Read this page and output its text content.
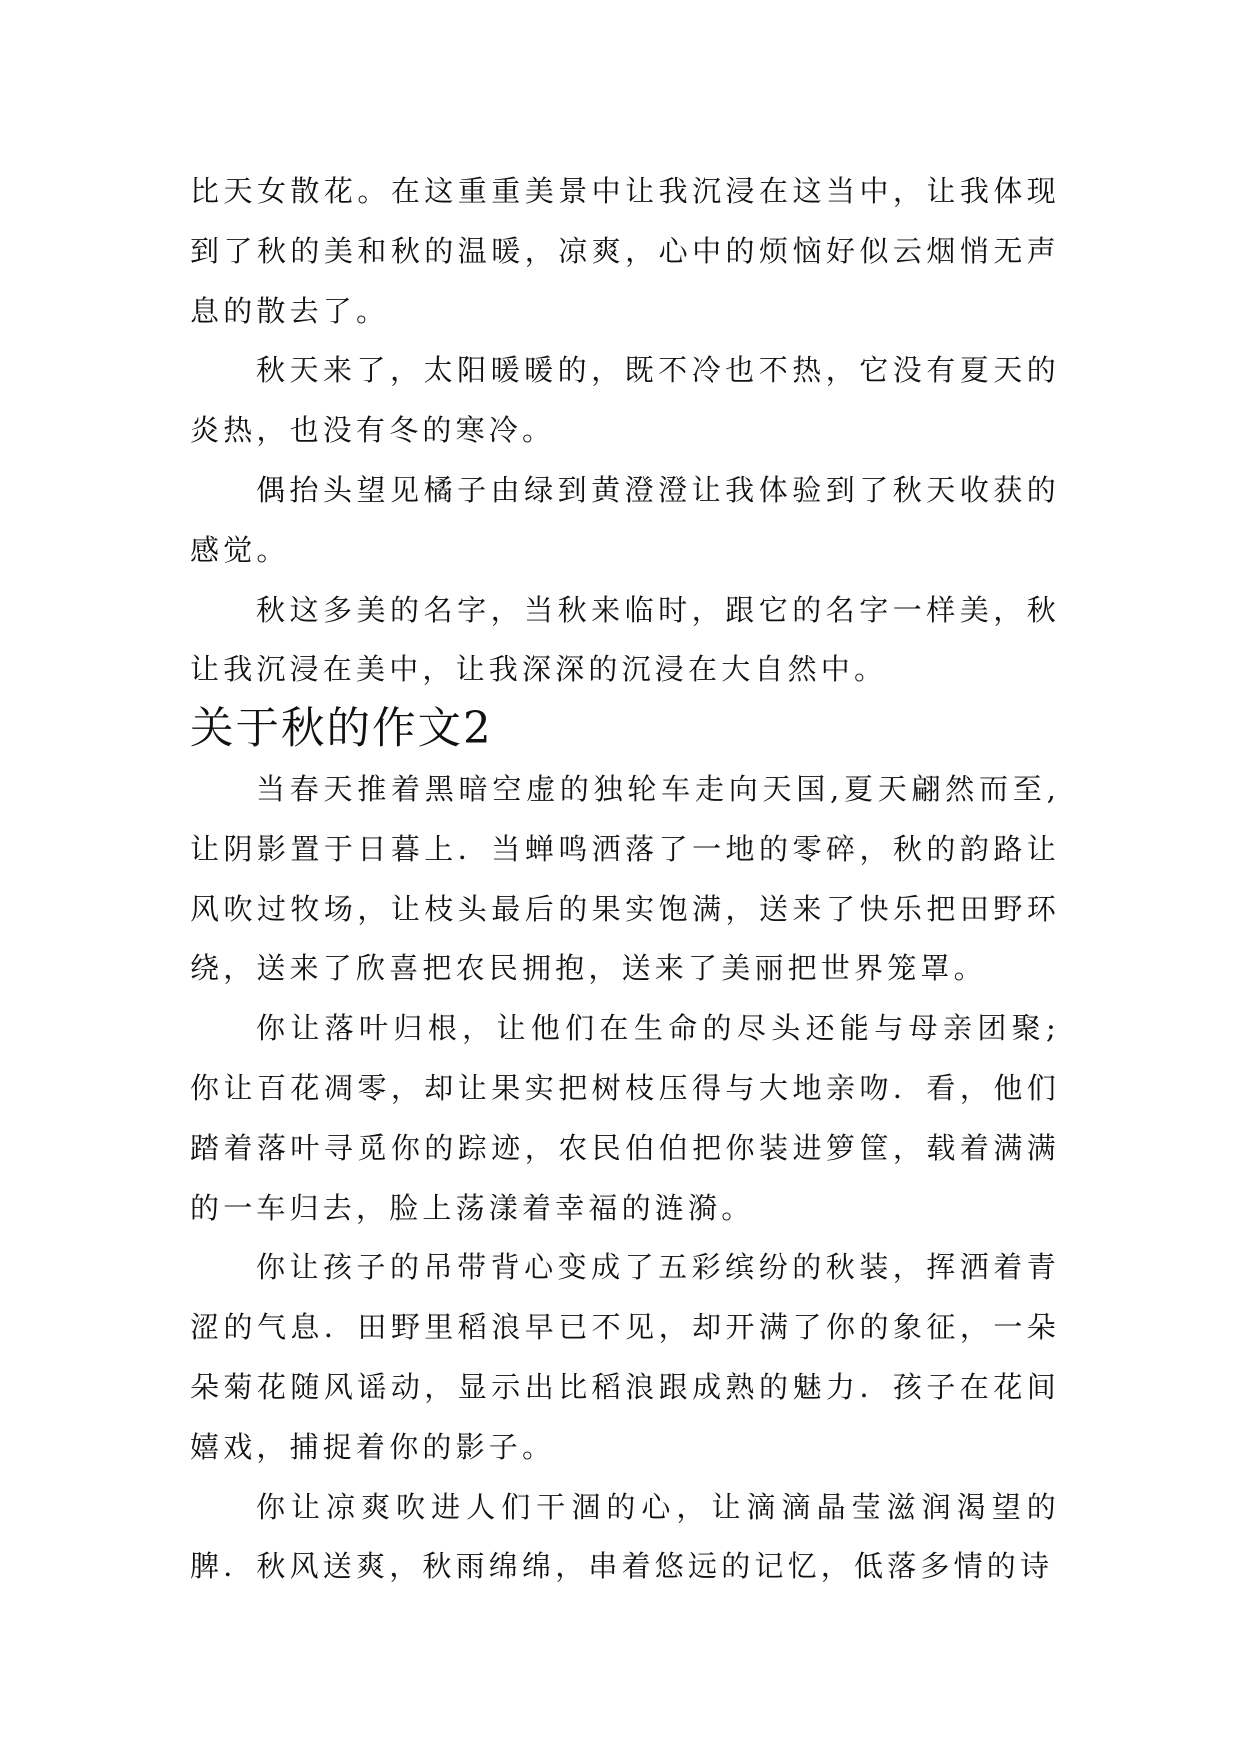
比天女散花。在这重重美景中让我沉浸在这当中，让我体现到了秋的美和秋的温暖，凉爽，心中的烦恼好似云烟悄无声息的散去了。

秋天来了，太阳暖暖的，既不冷也不热，它没有夏天的炎热，也没有冬的寒冷。

偶抬头望见橘子由绿到黄澄澄让我体验到了秋天收获的感觉。

秋这多美的名字，当秋来临时，跟它的名字一样美，秋让我沉浸在美中，让我深深的沉浸在大自然中。

关于秋的作文2

当春天推着黑暗空虚的独轮车走向天国,夏天翩然而至,让阴影置于日暮上．当蝉鸣洒落了一地的零碎，秋的韵路让风吹过牧场，让枝头最后的果实饱满，送来了快乐把田野环绕，送来了欣喜把农民拥抱，送来了美丽把世界笼罩。

你让落叶归根，让他们在生命的尽头还能与母亲团聚;你让百花凋零，却让果实把树枝压得与大地亲吻．看，他们踏着落叶寻觅你的踪迹，农民伯伯把你装进箩筐，载着满满的一车归去，脸上荡漾着幸福的涟漪。

你让孩子的吊带背心变成了五彩缤纷的秋装，挥洒着青涩的气息．田野里稻浪早已不见，却开满了你的象征，一朵朵菊花随风谣动，显示出比稻浪跟成熟的魅力．孩子在花间嬉戏，捕捉着你的影子。

你让凉爽吹进人们干涸的心，让滴滴晶莹滋润渴望的脾．秋风送爽，秋雨绵绵，串着悠远的记忆，低落多情的诗
